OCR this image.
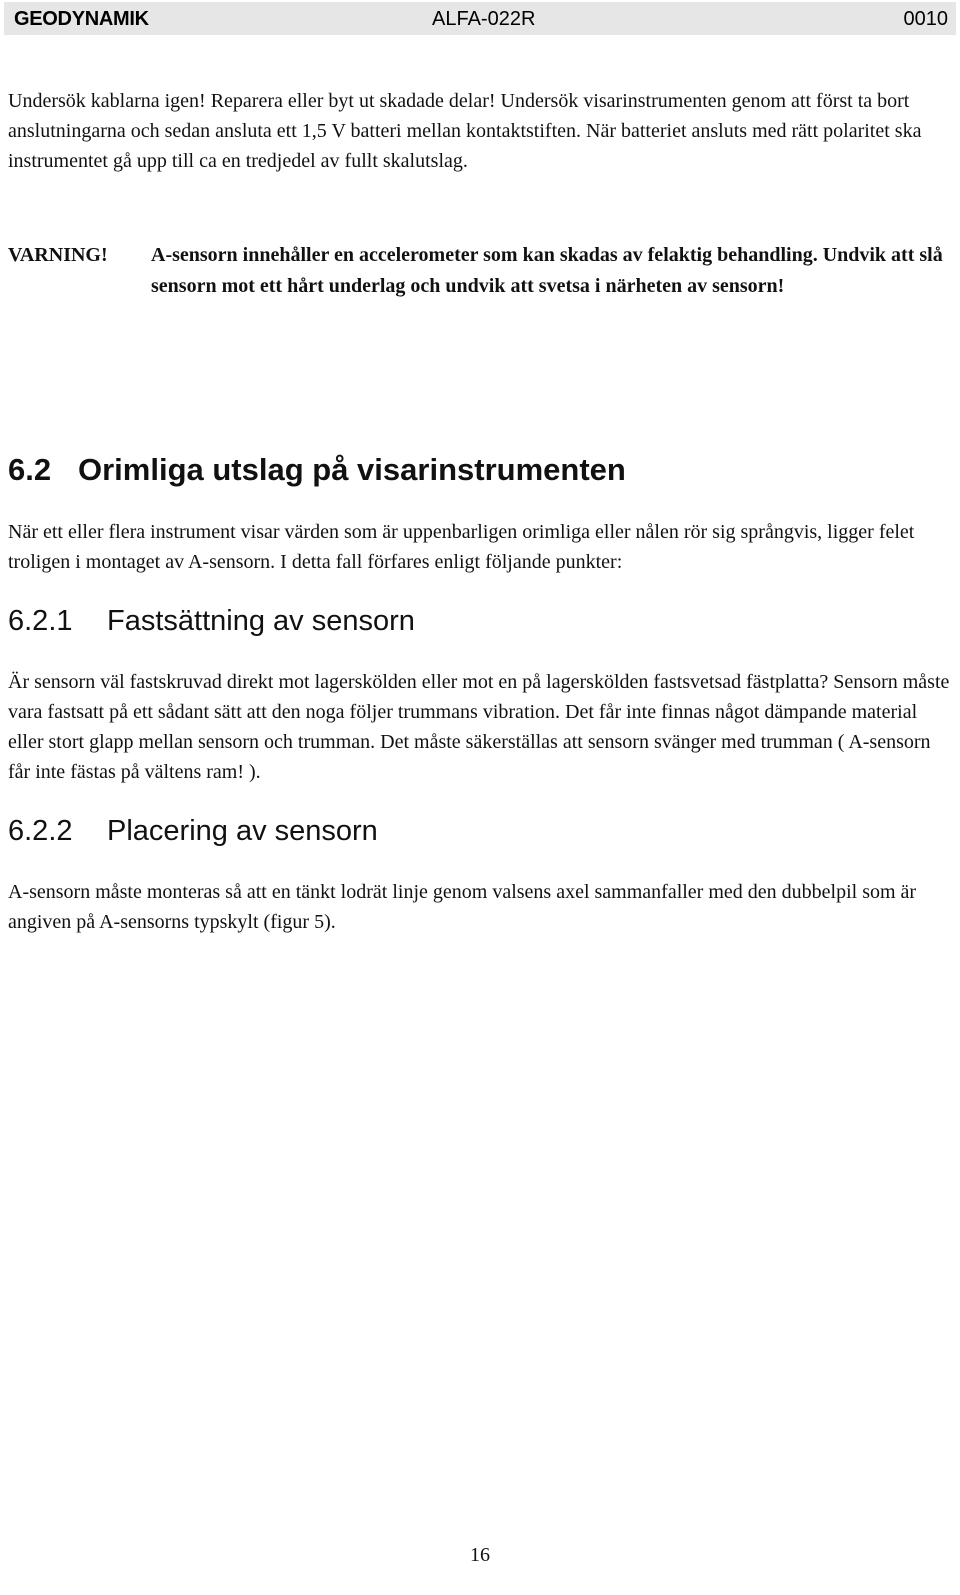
GEODYNAMIK	ALFA-022R	0010

Undersök kablarna igen! Reparera eller byt ut skadade delar! Undersök visarinstrumenten genom att först ta bort anslutningarna och sedan ansluta ett 1,5 V batteri mellan kontaktstiften. När batteriet ansluts med rätt polaritet ska instrumentet gå upp till ca en tredjedel av fullt skalutslag.

VARNING! A-sensorn innehåller en accelerometer som kan skadas av felaktig behandling. Undvik att slå sensorn mot ett hårt underlag och undvik att svetsa i närheten av sensorn!
6.2 Orimliga utslag på visarinstrumenten

När ett eller flera instrument visar värden som är uppenbarligen orimliga eller nålen rör sig språngvis, ligger felet troligen i montaget av A-sensorn. I detta fall förfares enligt följande punkter:

6.2.1 Fastsättning av sensorn

Är sensorn väl fastskruvad direkt mot lagerskölden eller mot en på lagerskölden fastsvetsad fästplatta? Sensorn måste vara fastsatt på ett sådant sätt att den noga följer trummans vibration. Det får inte finnas något dämpande material eller stort glapp mellan sensorn och trumman. Det måste säkerställas att sensorn svänger med trumman ( A-sensorn får inte fästas på vältens ram! ).

6.2.2 Placering av sensorn

A-sensorn måste monteras så att en tänkt lodrät linje genom valsens axel sammanfaller med den dubbelpil som är angiven på A-sensorns typskylt (figur 5).

16
